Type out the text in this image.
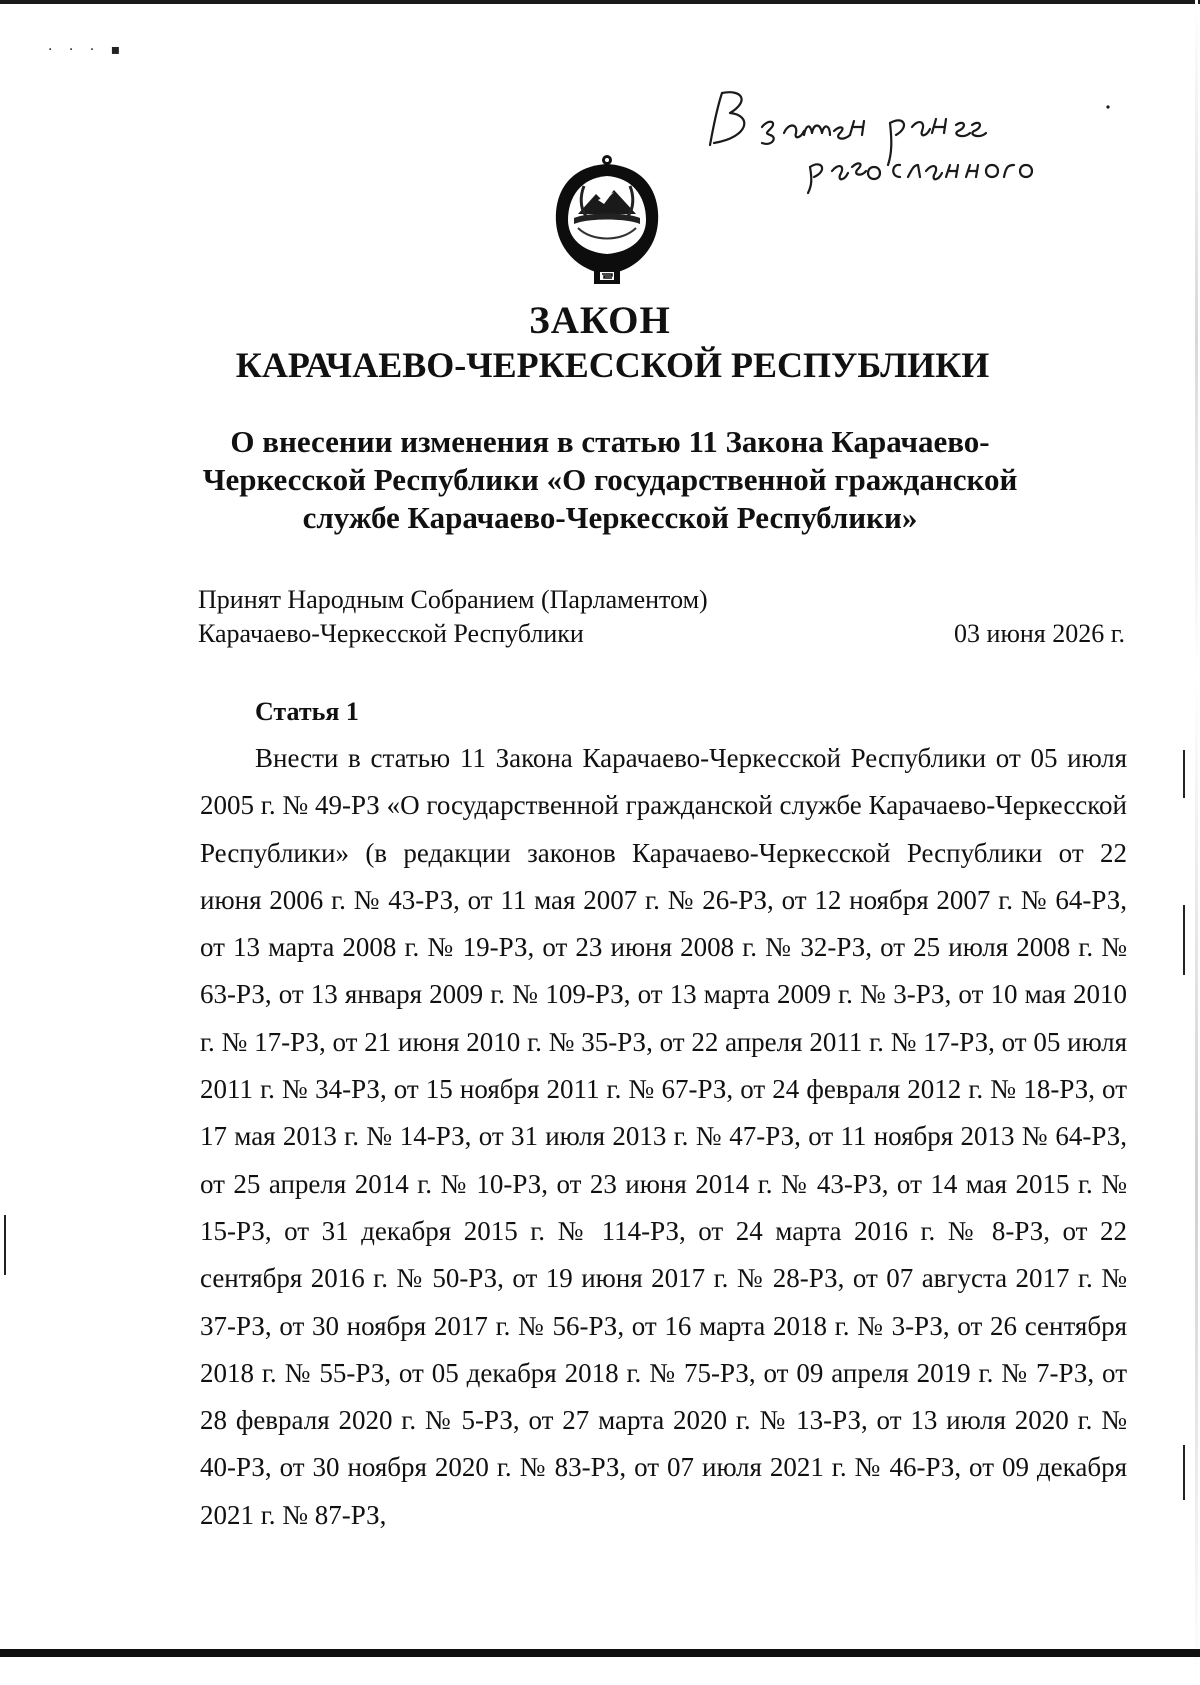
· · · ▪
ЗАКОН
КАРАЧАЕВО-ЧЕРКЕССКОЙ РЕСПУБЛИКИ

О внесении изменения в статью 11 Закона Карачаево-Черкесской Республики «О государственной гражданской службе Карачаево-Черкесской Республики»

Принят Народным Собранием (Парламентом)
Карачаево-Черкесской Республики	03 июня 2026 г.

Статья 1

Внести в статью 11 Закона Карачаево-Черкесской Республики от 05 июля 2005 г. № 49-РЗ «О государственной гражданской службе Карачаево-Черкесской Республики» (в редакции законов Карачаево-Черкесской Республики от 22 июня 2006 г. № 43-РЗ, от 11 мая 2007 г. № 26-РЗ, от 12 ноября 2007 г. № 64-РЗ, от 13 марта 2008 г. № 19-РЗ, от 23 июня 2008 г. № 32-РЗ, от 25 июля 2008 г. № 63-РЗ, от 13 января 2009 г. № 109-РЗ, от 13 марта 2009 г. № 3-РЗ, от 10 мая 2010 г. № 17-РЗ, от 21 июня 2010 г. № 35-РЗ, от 22 апреля 2011 г. № 17-РЗ, от 05 июля 2011 г. № 34-РЗ, от 15 ноября 2011 г. № 67-РЗ, от 24 февраля 2012 г. № 18-РЗ, от 17 мая 2013 г. № 14-РЗ, от 31 июля 2013 г. № 47-РЗ, от 11 ноября 2013 № 64-РЗ, от 25 апреля 2014 г. № 10-РЗ, от 23 июня 2014 г. № 43-РЗ, от 14 мая 2015 г. № 15-РЗ, от 31 декабря 2015 г. № 114-РЗ, от 24 марта 2016 г. № 8-РЗ, от 22 сентября 2016 г. № 50-РЗ, от 19 июня 2017 г. № 28-РЗ, от 07 августа 2017 г. № 37-РЗ, от 30 ноября 2017 г. № 56-РЗ, от 16 марта 2018 г. № 3-РЗ, от 26 сентября 2018 г. № 55-РЗ, от 05 декабря 2018 г. № 75-РЗ, от 09 апреля 2019 г. № 7-РЗ, от 28 февраля 2020 г. № 5-РЗ, от 27 марта 2020 г. № 13-РЗ, от 13 июля 2020 г. № 40-РЗ, от 30 ноября 2020 г. № 83-РЗ, от 07 июля 2021 г. № 46-РЗ, от 09 декабря 2021 г. № 87-РЗ,
